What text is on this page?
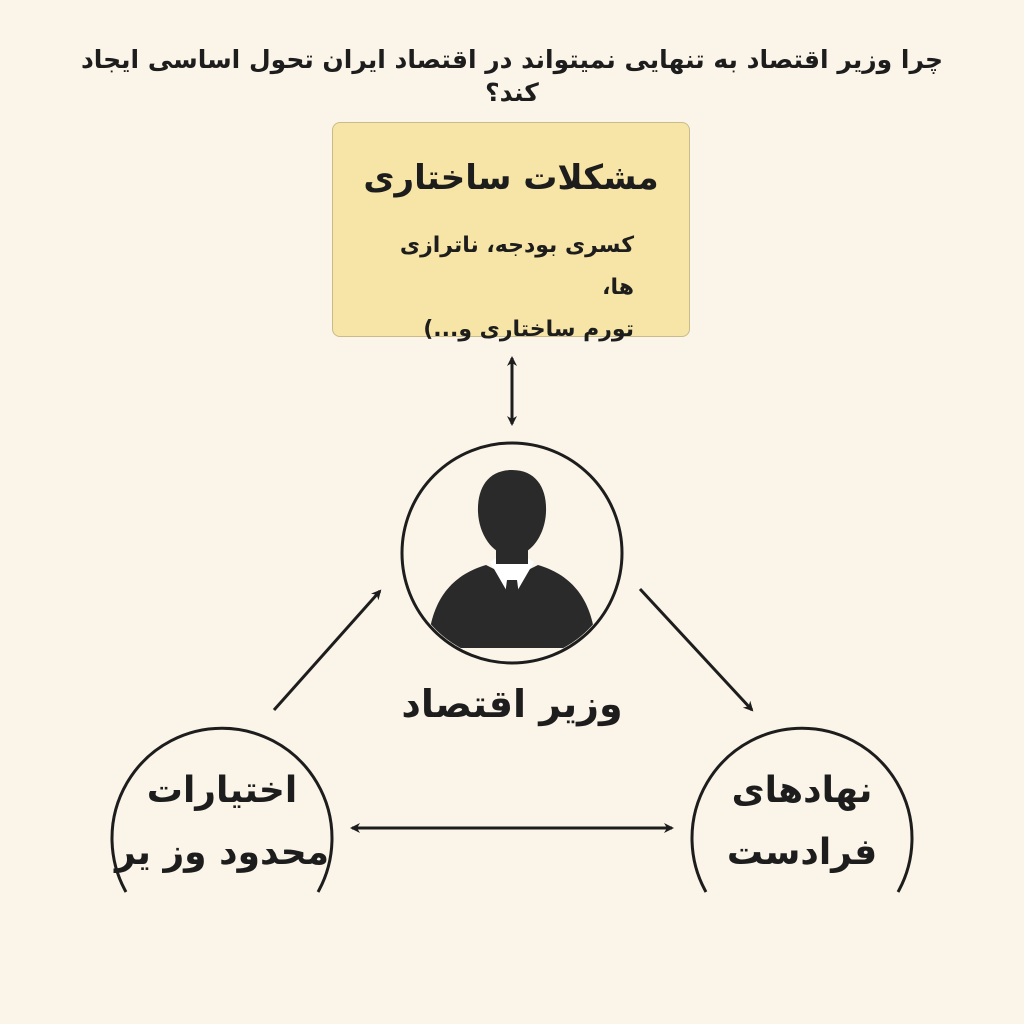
چرا وزیر اقتصاد به تنهایی نمیتواند در اقتصاد ایران تحول اساسی ایجاد کند؟
مشکلات ساختاری
کسری بودجه، ناترازی ها،
تورم ساختاری و...)
وزیر اقتصاد
اختیارات
محدود وز یر
نهادهای
فرادست
